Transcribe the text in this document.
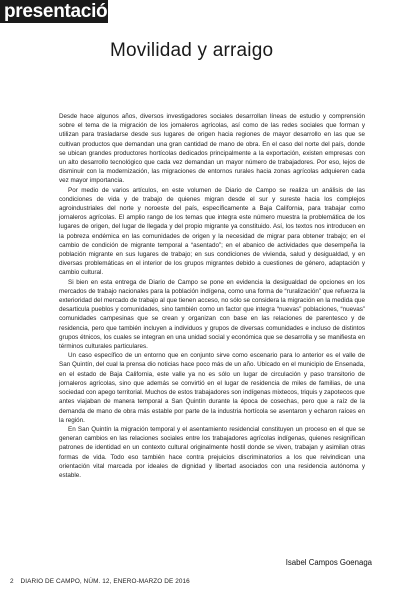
presentación
Movilidad y arraigo

Desde hace algunos años, diversos investigadores sociales desarrollan líneas de estudio y comprensión sobre el tema de la migración de los jornaleros agrícolas, así como de las redes sociales que forman y utilizan para trasladarse desde sus lugares de origen hacia regiones de mayor desarrollo en las que se cultivan productos que demandan una gran cantidad de mano de obra. En el caso del norte del país, donde se ubican grandes productores hortícolas dedicados principalmente a la exportación, existen empresas con un alto desarrollo tecnológico que cada vez demandan un mayor número de trabajadores. Por eso, lejos de disminuir con la modernización, las migraciones de entornos rurales hacia zonas agrícolas adquieren cada vez mayor importancia.

Por medio de varios artículos, en este volumen de Diario de Campo se realiza un análisis de las condiciones de vida y de trabajo de quienes migran desde el sur y sureste hacia los complejos agroindustriales del norte y noroeste del país, específicamente a Baja California, para trabajar como jornaleros agrícolas. El amplio rango de los temas que integra este número muestra la problemática de los lugares de origen, del lugar de llegada y del propio migrante ya constituido. Así, los textos nos introducen en la pobreza endémica en las comunidades de origen y la necesidad de migrar para obtener trabajo; en el cambio de condición de migrante temporal a “asentado”; en el abanico de actividades que desempeña la población migrante en sus lugares de trabajo; en sus condiciones de vivienda, salud y desigualdad, y en diversas problemáticas en el interior de los grupos migrantes debido a cuestiones de género, adaptación y cambio cultural.

Si bien en esta entrega de Diario de Campo se pone en evidencia la desigualdad de opciones en los mercados de trabajo nacionales para la población indígena, como una forma de “ruralización” que refuerza la exterioridad del mercado de trabajo al que tienen acceso, no sólo se considera la migración en la medida que desarticula pueblos y comunidades, sino también como un factor que integra “nuevas” poblaciones, “nuevas” comunidades campesinas que se crean y organizan con base en las relaciones de parentesco y de residencia, pero que también incluyen a individuos y grupos de diversas comunidades e incluso de distintos grupos étnicos, los cuales se integran en una unidad social y económica que se desarrolla y se manifiesta en términos culturales particulares.

Un caso específico de un entorno que en conjunto sirve como escenario para lo anterior es el valle de San Quintín, del cual la prensa dio noticias hace poco más de un año. Ubicado en el municipio de Ensenada, en el estado de Baja California, este valle ya no es sólo un lugar de circulación y paso transitorio de jornaleros agrícolas, sino que además se convirtió en el lugar de residencia de miles de familias, de una sociedad con apego territorial. Muchos de estos trabajadores son indígenas mixtecos, triquis y zapotecos que antes viajaban de manera temporal a San Quintín durante la época de cosechas, pero que a raíz de la demanda de mano de obra más estable por parte de la industria hortícola se asentaron y echaron raíces en la región.

En San Quintín la migración temporal y el asentamiento residencial constituyen un proceso en el que se generan cambios en las relaciones sociales entre los trabajadores agrícolas indígenas, quienes resignifican patrones de identidad en un contexto cultural originalmente hostil donde se viven, trabajan y asimilan otras formas de vida. Todo eso también hace contra prejuicios discriminatorios a los que reivindican una orientación vital marcada por ideales de dignidad y libertad asociados con una residencia autónoma y estable.

Isabel Campos Goenaga
2 DIARIO DE CAMPO, NÚM. 12, ENERO-MARZO DE 2016
